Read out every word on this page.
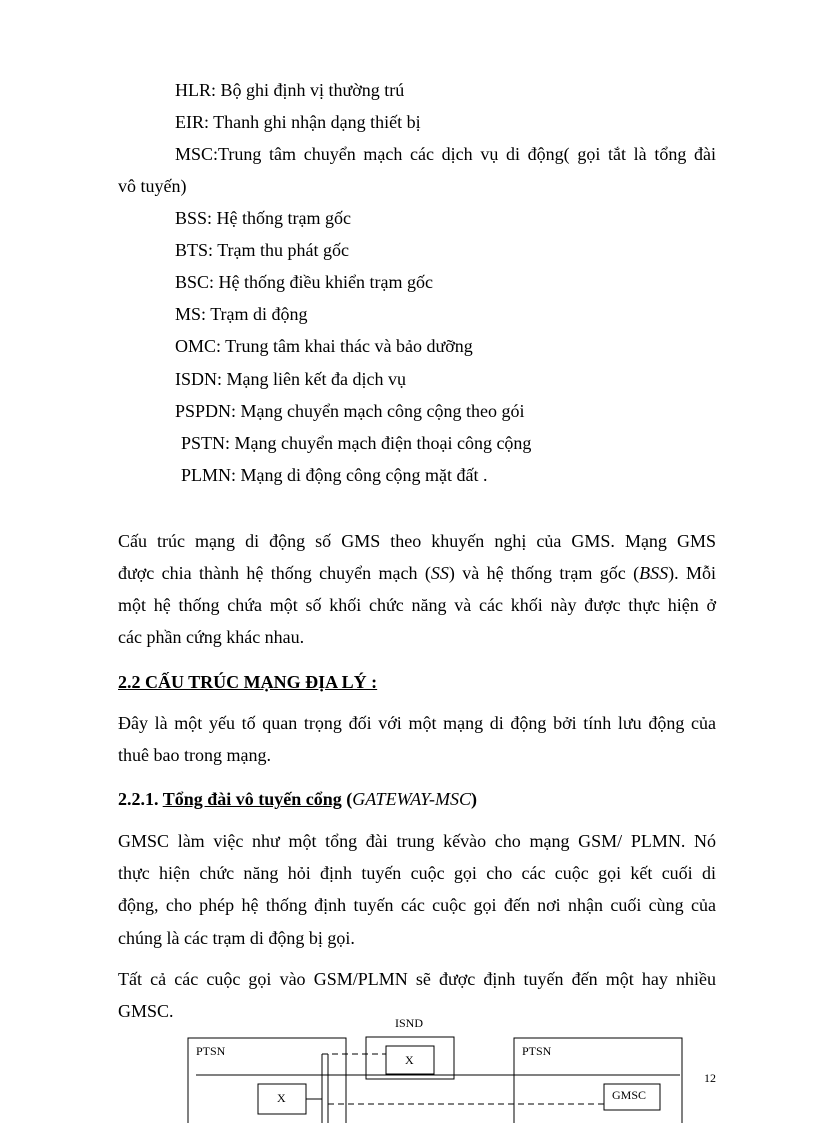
HLR: Bộ ghi định vị thường trú
EIR: Thanh ghi nhận dạng thiết bị
MSC:Trung tâm chuyển mạch các dịch vụ di động( gọi tắt là tổng đài
vô tuyến)
BSS: Hệ thống trạm gốc
BTS: Trạm thu phát gốc
BSC: Hệ thống điều khiển trạm gốc
MS: Trạm di động
OMC: Trung tâm khai thác và bảo dưỡng
ISDN: Mạng liên kết đa dịch vụ
PSPDN: Mạng chuyển mạch công cộng theo gói
PSTN: Mạng chuyển mạch điện thoại công cộng
PLMN: Mạng di động công cộng mặt đất .
Cấu trúc mạng di động số GMS theo khuyến nghị của GMS. Mạng GMS
được chia thành hệ thống chuyển mạch (SS) và hệ thống trạm gốc (BSS). Mỗi
một hệ thống chứa một số khối chức năng và các khối này được thực hiện ở
các phần cứng khác nhau.
2.2 CẤU TRÚC MẠNG ĐỊA LÝ :
Đây là một yếu tố quan trọng đối với một mạng di động bởi tính lưu động của
thuê bao trong mạng.
2.2.1. Tổng đài vô tuyến cổng (GATEWAY-MSC)
GMSC làm việc như một tổng đài trung kếvào cho mạng GSM/ PLMN. Nó
thực hiện chức năng hỏi định tuyến cuộc gọi cho các cuộc gọi kết cuối di
động, cho phép hệ thống định tuyến các cuộc gọi đến nơi nhận cuối cùng của
chúng là các trạm di động bị gọi.
Tất cả các cuộc gọi vào GSM/PLMN sẽ được định tuyến đến một hay nhiều
GMSC.
ISND
PTSN	PTSN
X
X	GMSC
12
